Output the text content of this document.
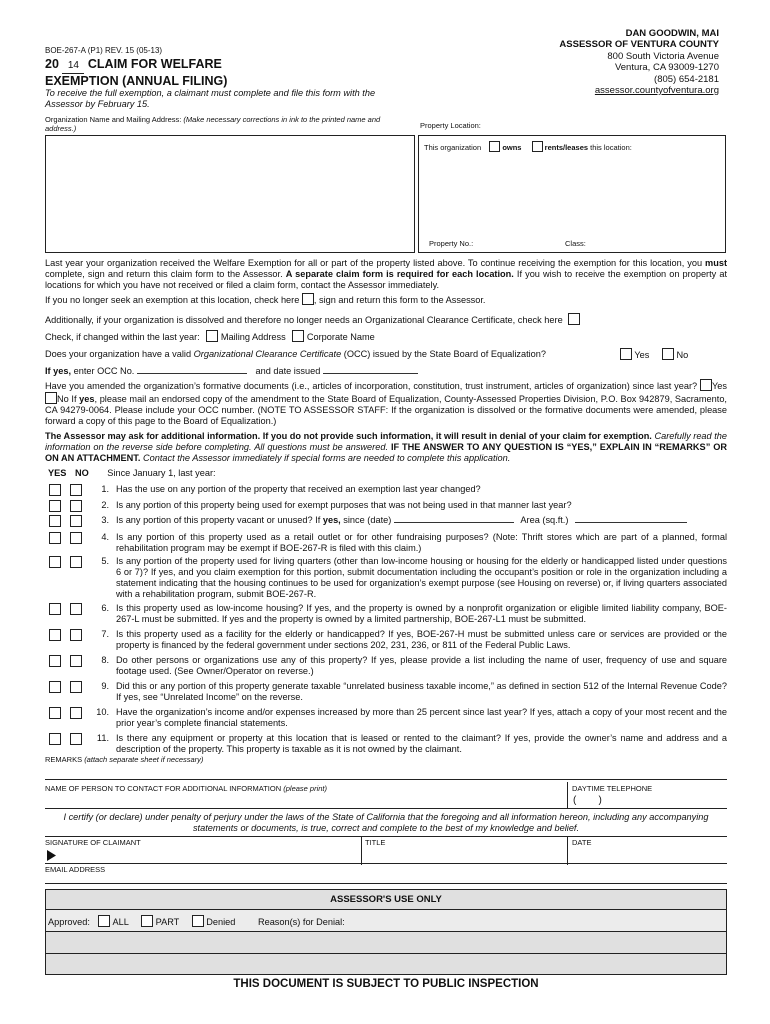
BOE-267-A (P1) REV. 15 (05-13)
20 14 CLAIM FOR WELFARE
EXEMPTION (ANNUAL FILING)
To receive the full exemption, a claimant must complete and file this form with the Assessor by February 15.
DAN GOODWIN, MAI
ASSESSOR OF VENTURA COUNTY
800 South Victoria Avenue
Ventura, CA 93009-1270
(805) 654-2181
assessor.countyofventura.org
Organization Name and Mailing Address: (Make necessary corrections in ink to the printed name and address.)	Property Location:
This organization	owns	rents/leases this location:
Property No.:	Class:
Last year your organization received the Welfare Exemption for all or part of the property listed above. To continue receiving the exemption for this location, you must complete, sign and return this claim form to the Assessor. A separate claim form is required for each location. If you wish to receive the exemption on property at locations for which you have not received or filed a claim form, contact the Assessor immediately.
If you no longer seek an exemption at this location, check here , sign and return this form to the Assessor.
Additionally, if your organization is dissolved and therefore no longer needs an Organizational Clearance Certificate, check here
Check, if changed within the last year: Mailing Address Corporate Name
Does your organization have a valid Organizational Clearance Certificate (OCC) issued by the State Board of Equalization?	Yes	No
If yes, enter OCC No.	and date issued
Have you amended the organization’s formative documents (i.e., articles of incorporation, constitution, trust instrument, articles of organization) since last year? Yes No If yes, please mail an endorsed copy of the amendment to the State Board of Equalization, County-Assessed Properties Division, P.O. Box 942879, Sacramento, CA 94279-0064. Please include your OCC number. (NOTE TO ASSESSOR STAFF: If the organization is dissolved or the formative documents were amended, please forward a copy of this page to the Board of Equalization.)
The Assessor may ask for additional information. If you do not provide such information, it will result in denial of your claim for exemption. Carefully read the information on the reverse side before completing. All questions must be answered. IF THE ANSWER TO ANY QUESTION IS “YES,” EXPLAIN IN “REMARKS” OR ON AN ATTACHMENT. Contact the Assessor immediately if special forms are needed to complete this application.
YES NO Since January 1, last year:
1. Has the use on any portion of the property that received an exemption last year changed?
2. Is any portion of this property being used for exempt purposes that was not being used in that manner last year?
3. Is any portion of this property vacant or unused? If yes, since (date)	Area (sq.ft.)
4. Is any portion of this property used as a retail outlet or for other fundraising purposes? (Note: Thrift stores which are part of a planned, formal rehabilitation program may be exempt if BOE-267-R is filed with this claim.)
5. Is any portion of the property used for living quarters (other than low-income housing or housing for the elderly or handicapped listed under questions 6 or 7)? If yes, and you claim exemption for this portion, submit documentation including the occupant’s position or role in the organization including a statement indicating that the housing continues to be used for organization’s exempt purpose (see Housing on reverse) or, if living quarters associated with a rehabilitation program, submit BOE-267-R.
6. Is this property used as low-income housing? If yes, and the property is owned by a nonprofit organization or eligible limited liability company, BOE-267-L must be submitted. If yes and the property is owned by a limited partnership, BOE-267-L1 must be submitted.
7. Is this property used as a facility for the elderly or handicapped? If yes, BOE-267-H must be submitted unless care or services are provided or the property is financed by the federal government under sections 202, 231, 236, or 811 of the Federal Public Laws.
8. Do other persons or organizations use any of this property? If yes, please provide a list including the name of user, frequency of use and square footage used. (See Owner/Operator on reverse.)
9. Did this or any portion of this property generate taxable “unrelated business taxable income,” as defined in section 512 of the Internal Revenue Code? If yes, see “Unrelated Income” on the reverse.
10. Have the organization’s income and/or expenses increased by more than 25 percent since last year? If yes, attach a copy of your most recent and the prior year’s complete financial statements.
11. Is there any equipment or property at this location that is leased or rented to the claimant? If yes, provide the owner’s name and address and a description of the property. This property is taxable as it is not owned by the claimant.
REMARKS (attach separate sheet if necessary)
NAME OF PERSON TO CONTACT FOR ADDITIONAL INFORMATION (please print)	DAYTIME TELEPHONE
(        )
I certify (or declare) under penalty of perjury under the laws of the State of California that the foregoing and all information hereon, including any accompanying statements or documents, is true, correct and complete to the best of my knowledge and belief.
SIGNATURE OF CLAIMANT	TITLE	DATE
EMAIL ADDRESS
ASSESSOR'S USE ONLY
Approved: ALL	PART	Denied Reason(s) for Denial:
THIS DOCUMENT IS SUBJECT TO PUBLIC INSPECTION
